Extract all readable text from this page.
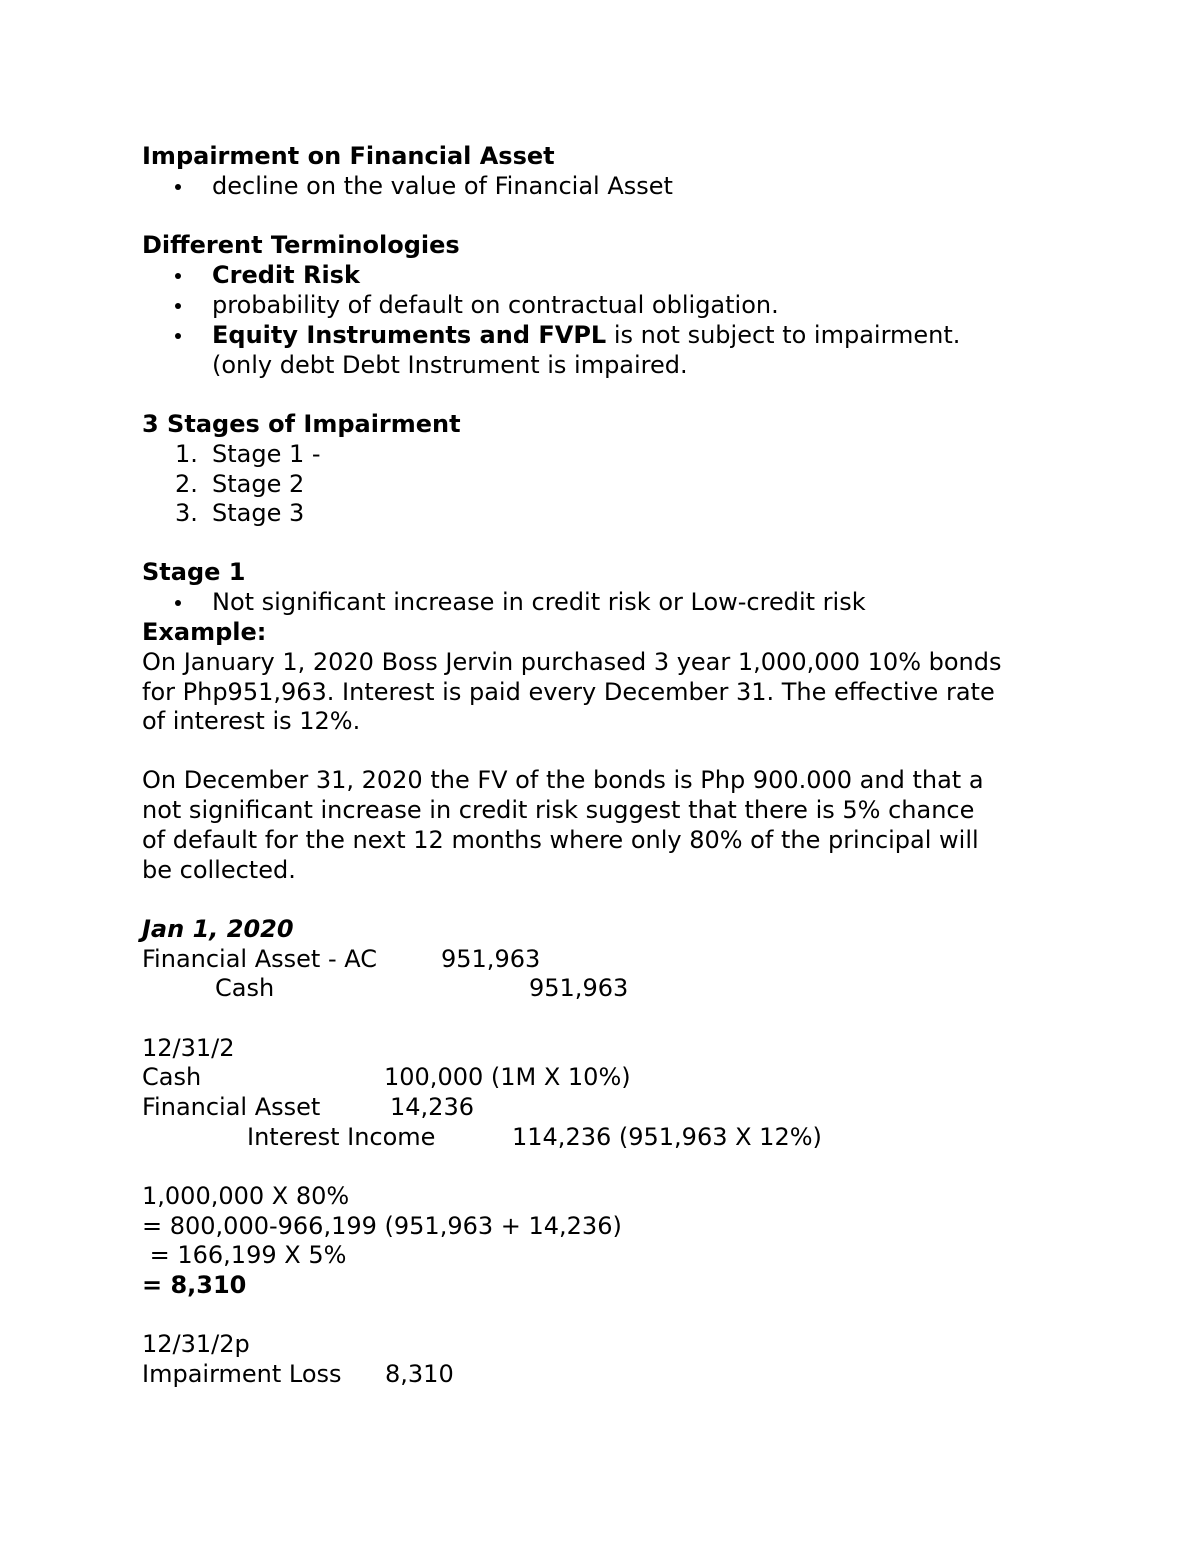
Impairment on Financial Asset
decline on the value of Financial Asset
Different Terminologies
Credit Risk
probability of default on contractual obligation.
Equity Instruments and FVPL is not subject to impairment.
(only debt Debt Instrument is impaired.
3 Stages of Impairment
1. Stage 1 -
2. Stage 2
3. Stage 3
Stage 1
Not significant increase in credit risk or Low-credit risk
Example:
On January 1, 2020 Boss Jervin purchased 3 year 1,000,000 10% bonds
for Php951,963. Interest is paid every December 31. The effective rate
of interest is 12%.
On December 31, 2020 the FV of the bonds is Php 900.000 and that a
not significant increase in credit risk suggest that there is 5% chance
of default for the next 12 months where only 80% of the principal will
be collected.
Jan 1, 2020
Financial Asset - AC	951,963
Cash	951,963
12/31/2
Cash	100,000 (1M X 10%)
Financial Asset	14,236
Interest Income	114,236 (951,963 X 12%)
1,000,000 X 80%
= 800,000-966,199 (951,963 + 14,236)
= 166,199 X 5%
= 8,310
12/31/2p
Impairment Loss 8,310
